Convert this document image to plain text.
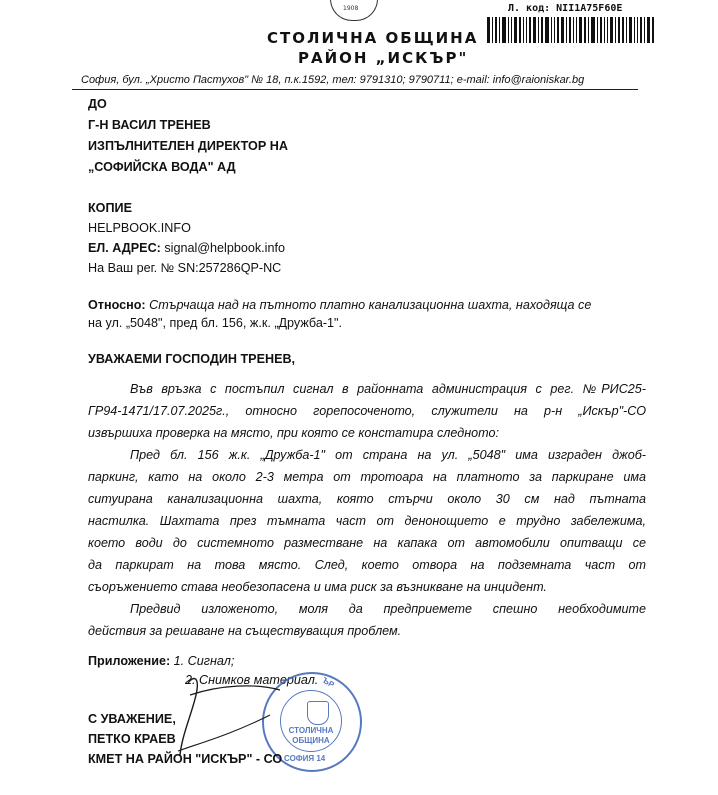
1908
СТОЛИЧНА ОБЩИНА
РАЙОН „ИСКЪР"
Л. код: NII1A75F60E
София, бул. „Христо Пастухов" № 18, п.к.1592, тел: 9791310; 9790711; e-mail: info@raioniskar.bg
ДО
Г-Н ВАСИЛ ТРЕНЕВ
ИЗПЪЛНИТЕЛЕН ДИРЕКТОР НА
„СОФИЙСКА ВОДА" АД
КОПИЕ
HELPBOOK.INFO
ЕЛ. АДРЕС: signal@helpbook.info
На Ваш рег. № SN:257286QP-NC
Относно: Стърчаща над на пътното платно канализационна шахта, находяща се
на ул. „5048", пред бл. 156, ж.к. „Дружба-1".
УВАЖАЕМИ ГОСПОДИН ТРЕНЕВ,
Във връзка с постъпил сигнал в районната администрация с рег. №РИС25-
ГР94-1471/17.07.2025г., относно горепосоченото, служители на р-н „Искър"-СО
извършиха проверка на място, при която се констатира следното:
Пред бл. 156 ж.к. „Дружба-1" от страна на ул. „5048" има изграден джоб-
паркинг, като на около 2-3 метра от тротоара на платното за паркиране има
ситуирана канализационна шахта, която стърчи около 30 см над пътната
настилка. Шахтата през тъмната част от денонощието е трудно забележима,
което води до системното разместване на капака от автомобили опитващи се
да паркират на това място. След, което отвора на подземната част от
съоръжението става необезопасена и има риск за възникване на инцидент.
Предвид изложеното, моля да предприемете спешно необходимите
действия за решаване на съществуващия проблем.
Приложение: 1. Сигнал;
2. Снимков материал. ЪР
СТОЛИЧНА
ОБЩИНА
СОФИЯ 14
С УВАЖЕНИЕ,
ПЕТКО КРАЕВ
КМЕТ НА РАЙОН "ИСКЪР" - СО
